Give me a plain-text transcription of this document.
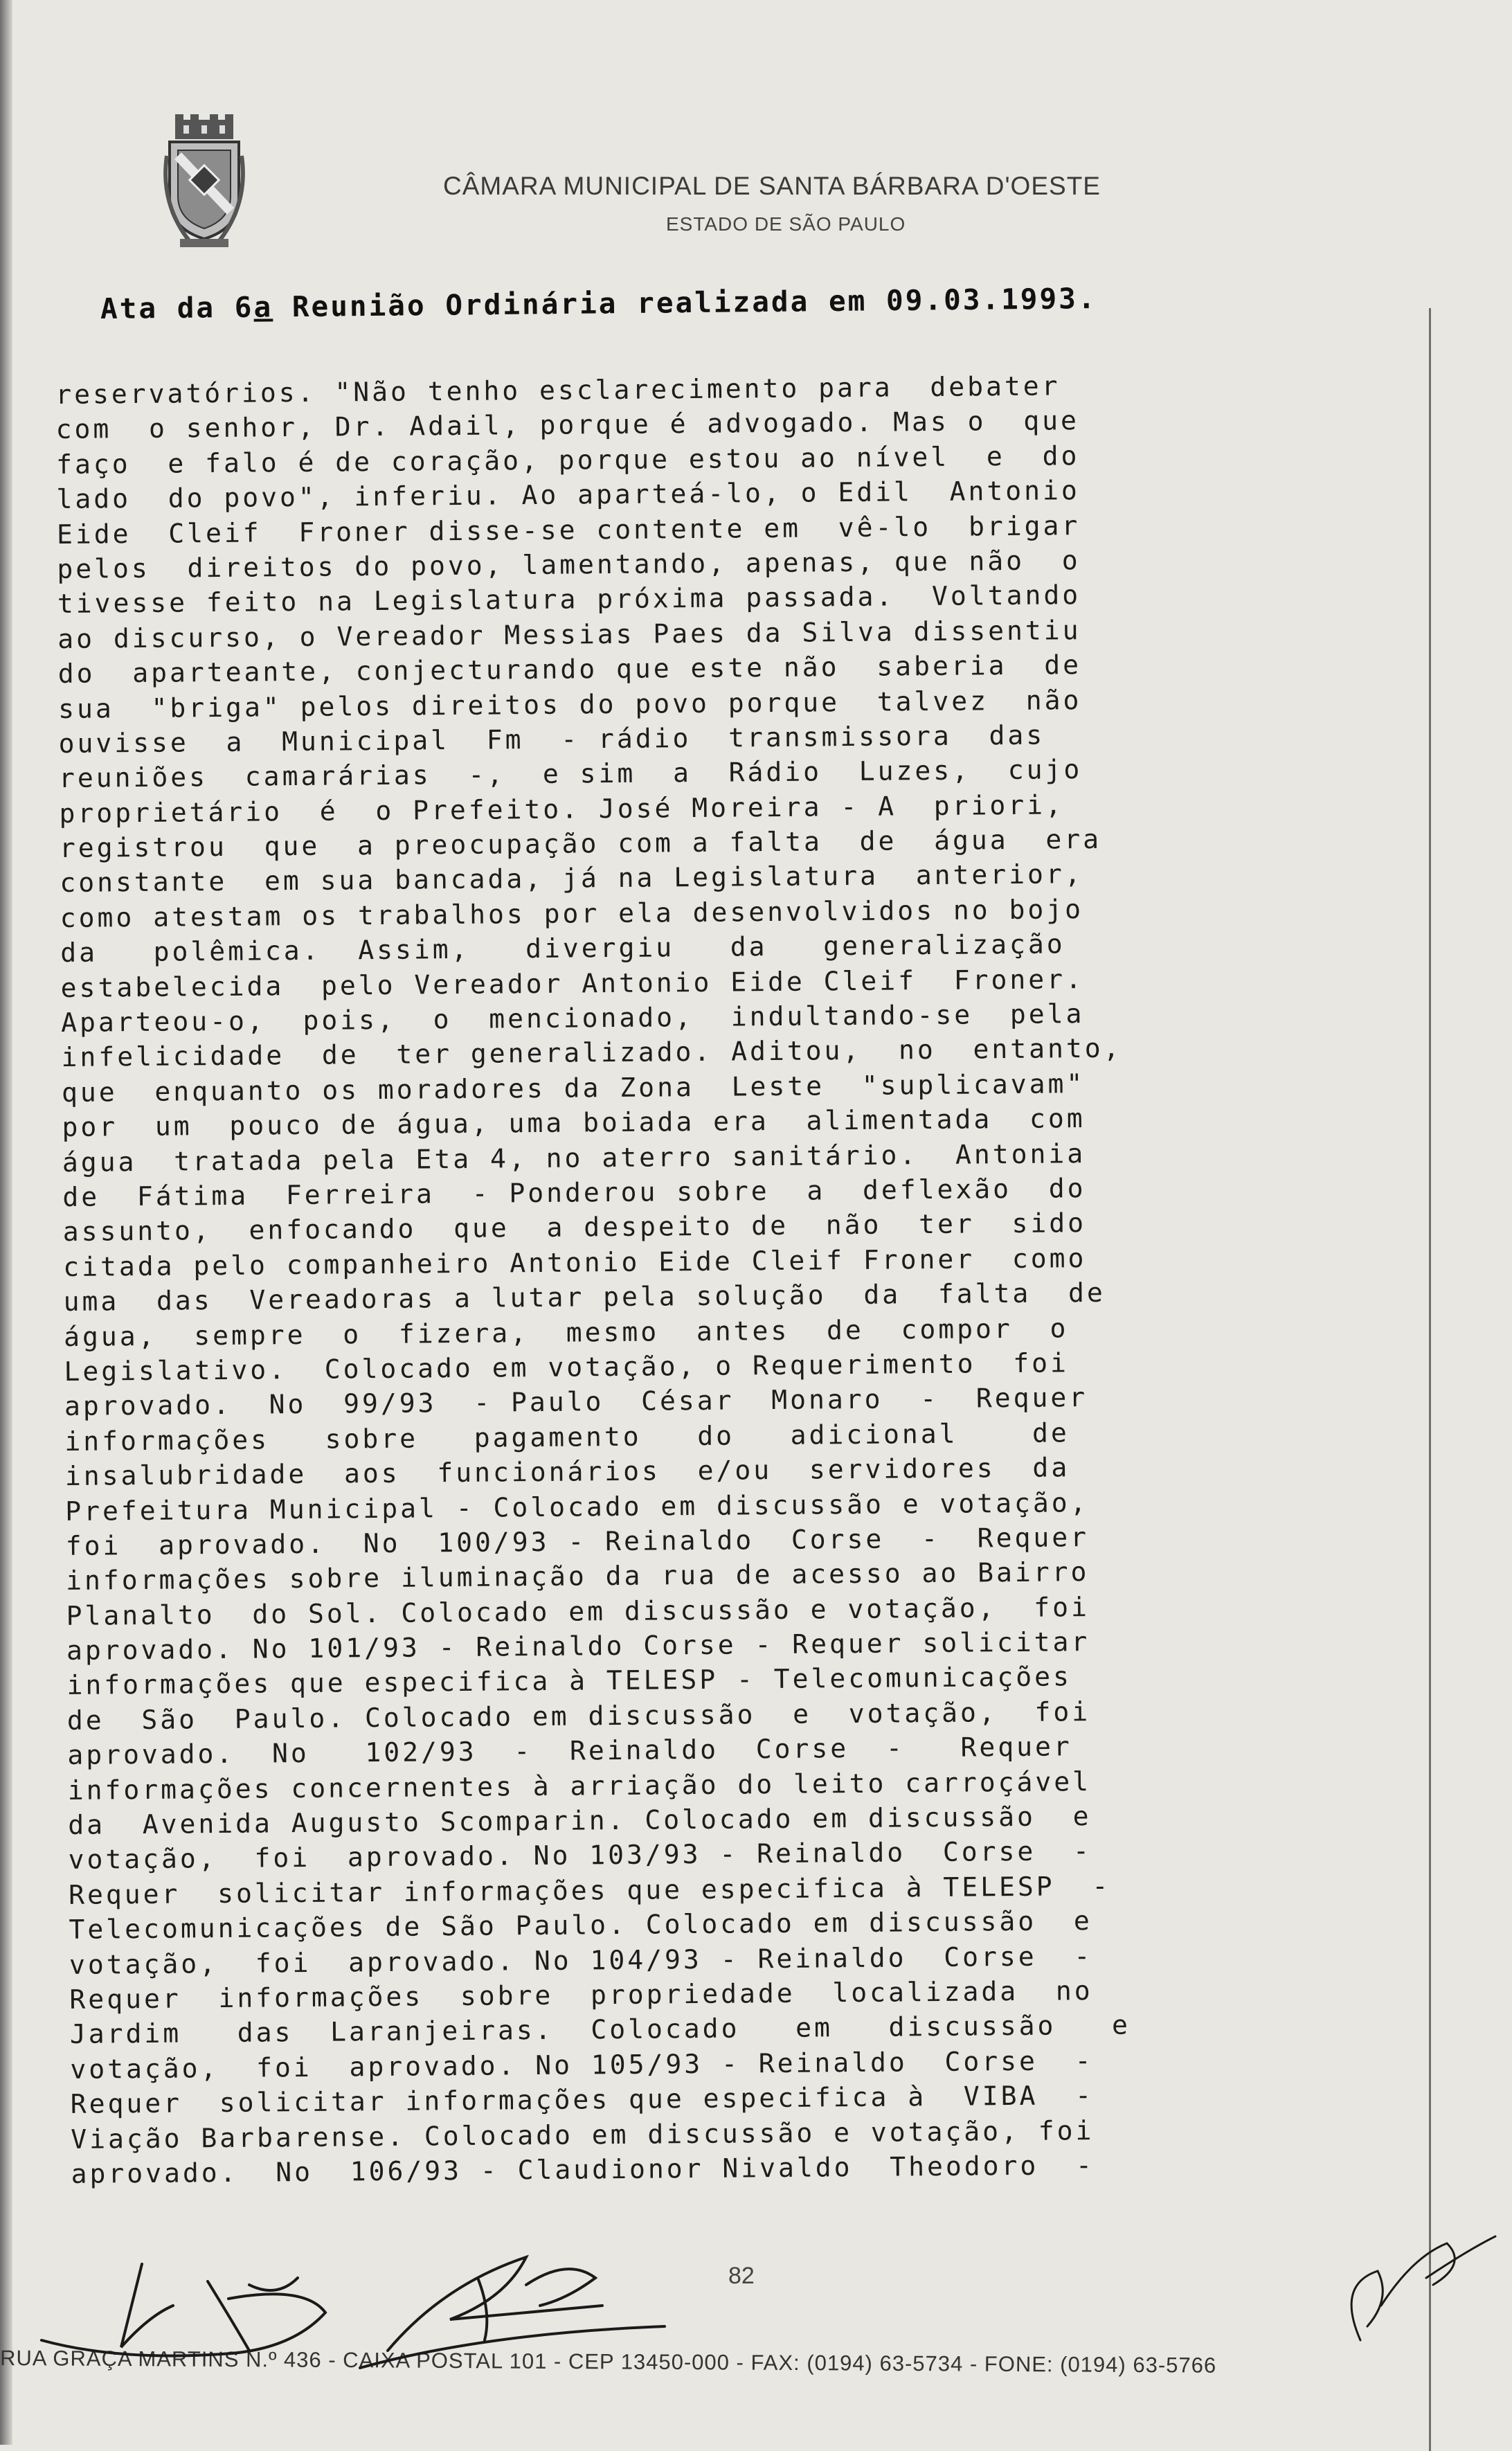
CÂMARA MUNICIPAL DE SANTA BÁRBARA D'OESTE
ESTADO DE SÃO PAULO
Ata da 6a Reunião Ordinária realizada em 09.03.1993.
reservatórios. "Não tenho esclarecimento para  debater
com  o senhor, Dr. Adail, porque é advogado. Mas o  que
faço  e falo é de coração, porque estou ao nível  e  do
lado  do povo", inferiu. Ao aparteá-lo, o Edil  Antonio
Eide  Cleif  Froner disse-se contente em  vê-lo  brigar
pelos  direitos do povo, lamentando, apenas, que não  o
tivesse feito na Legislatura próxima passada.  Voltando
ao discurso, o Vereador Messias Paes da Silva dissentiu
do  aparteante, conjecturando que este não  saberia  de
sua  "briga" pelos direitos do povo porque  talvez  não
ouvisse  a  Municipal  Fm  - rádio  transmissora  das
reuniões  camarárias  -,  e sim  a  Rádio  Luzes,  cujo
proprietário  é  o Prefeito. José Moreira - A  priori,
registrou  que  a preocupação com a falta  de  água  era
constante  em sua bancada, já na Legislatura  anterior,
como atestam os trabalhos por ela desenvolvidos no bojo
da   polêmica.  Assim,   divergiu   da   generalização
estabelecida  pelo Vereador Antonio Eide Cleif  Froner.
Aparteou-o,  pois,  o  mencionado,  indultando-se  pela
infelicidade  de  ter generalizado. Aditou,  no  entanto,
que  enquanto os moradores da Zona  Leste  "suplicavam"
por  um  pouco de água, uma boiada era  alimentada  com
água  tratada pela Eta 4, no aterro sanitário.  Antonia
de  Fátima  Ferreira  - Ponderou sobre  a  deflexão  do
assunto,  enfocando  que  a despeito de  não  ter  sido
citada pelo companheiro Antonio Eide Cleif Froner  como
uma  das  Vereadoras a lutar pela solução  da  falta  de
água,  sempre  o  fizera,  mesmo  antes  de  compor  o
Legislativo.  Colocado em votação, o Requerimento  foi
aprovado.  No  99/93  - Paulo  César  Monaro  -  Requer
informações   sobre   pagamento   do   adicional    de
insalubridade  aos  funcionários  e/ou  servidores  da
Prefeitura Municipal - Colocado em discussão e votação,
foi  aprovado.  No  100/93 - Reinaldo  Corse  -  Requer
informações sobre iluminação da rua de acesso ao Bairro
Planalto  do Sol. Colocado em discussão e votação,  foi
aprovado. No 101/93 - Reinaldo Corse - Requer solicitar
informações que especifica à TELESP - Telecomunicações
de  São  Paulo. Colocado em discussão  e  votação,  foi
aprovado.  No   102/93  -  Reinaldo  Corse  -   Requer
informações concernentes à arriação do leito carroçável
da  Avenida Augusto Scomparin. Colocado em discussão  e
votação,  foi  aprovado. No 103/93 - Reinaldo  Corse  -
Requer  solicitar informações que especifica à TELESP  -
Telecomunicações de São Paulo. Colocado em discussão  e
votação,  foi  aprovado. No 104/93 - Reinaldo  Corse  -
Requer  informações  sobre  propriedade  localizada  no
Jardim   das  Laranjeiras.  Colocado   em   discussão   e
votação,  foi  aprovado. No 105/93 - Reinaldo  Corse  -
Requer  solicitar informações que especifica à  VIBA  -
Viação Barbarense. Colocado em discussão e votação, foi
aprovado.  No  106/93 - Claudionor Nivaldo  Theodoro  -
82
RUA GRAÇA MARTINS N.º 436 - CAIXA POSTAL 101 - CEP 13450-000 - FAX: (0194) 63-5734 - FONE: (0194) 63-5766
